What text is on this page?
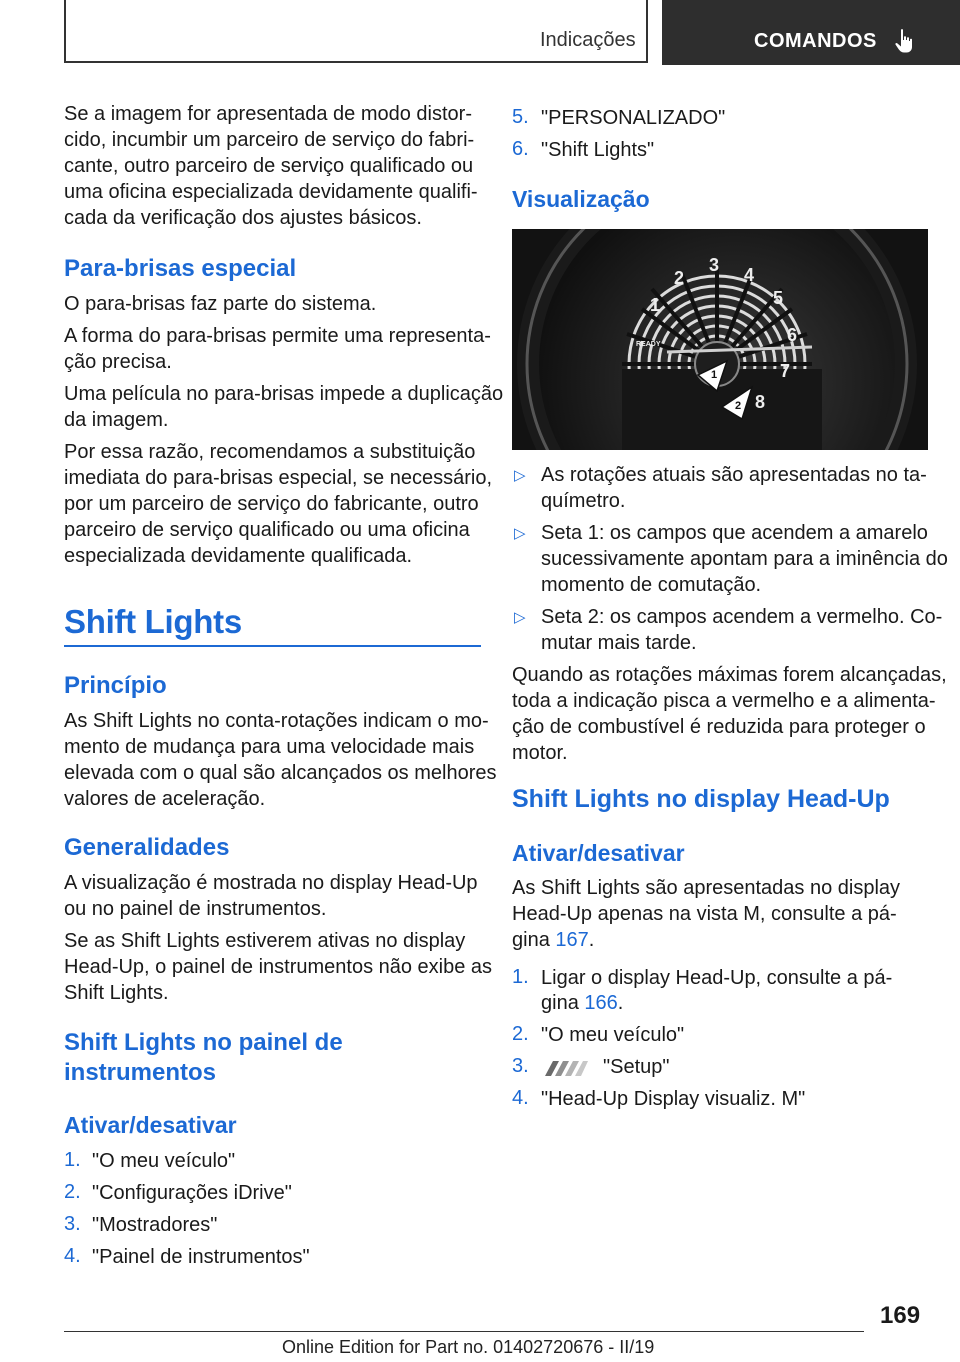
Indicações	COMANDOS
Se a imagem for apresentada de modo distor-
cido, incumbir um parceiro de serviço do fabri-
cante, outro parceiro de serviço qualificado ou
uma oficina especializada devidamente qualifi-
cada da verificação dos ajustes básicos.
Para-brisas especial
O para-brisas faz parte do sistema.
A forma do para-brisas permite uma representa-
ção precisa.
Uma película no para-brisas impede a duplicação
da imagem.
Por essa razão, recomendamos a substituição
imediata do para-brisas especial, se necessário,
por um parceiro de serviço do fabricante, outro
parceiro de serviço qualificado ou uma oficina
especializada devidamente qualificada.
Shift Lights
Princípio
As Shift Lights no conta-rotações indicam o mo-
mento de mudança para uma velocidade mais
elevada com o qual são alcançados os melhores
valores de aceleração.
Generalidades
A visualização é mostrada no display Head-Up
ou no painel de instrumentos.
Se as Shift Lights estiverem ativas no display
Head-Up, o painel de instrumentos não exibe as
Shift Lights.
Shift Lights no painel de
instrumentos
Ativar/desativar
1. "O meu veículo"
2. "Configurações iDrive"
3. "Mostradores"
4. "Painel de instrumentos"
5. "PERSONALIZADO"
6. "Shift Lights"
Visualização
1
2
3 4
5
6
7
8
READY
1
2
▷ As rotações atuais são apresentadas no ta-
químetro.
▷ Seta 1: os campos que acendem a amarelo
sucessivamente apontam para a iminência do
momento de comutação.
▷ Seta 2: os campos acendem a vermelho. Co-
mutar mais tarde.
Quando as rotações máximas forem alcançadas,
toda a indicação pisca a vermelho e a alimenta-
ção de combustível é reduzida para proteger o
motor.
Shift Lights no display Head-Up
Ativar/desativar
As Shift Lights são apresentadas no display
Head-Up apenas na vista M, consulte a pá-
gina 167.
1. Ligar o display Head-Up, consulte a pá-
gina 166.
2. "O meu veículo"
3.	"Setup"
4. "Head-Up Display visualiz. M"
169
Online Edition for Part no. 01402720676 - II/19
